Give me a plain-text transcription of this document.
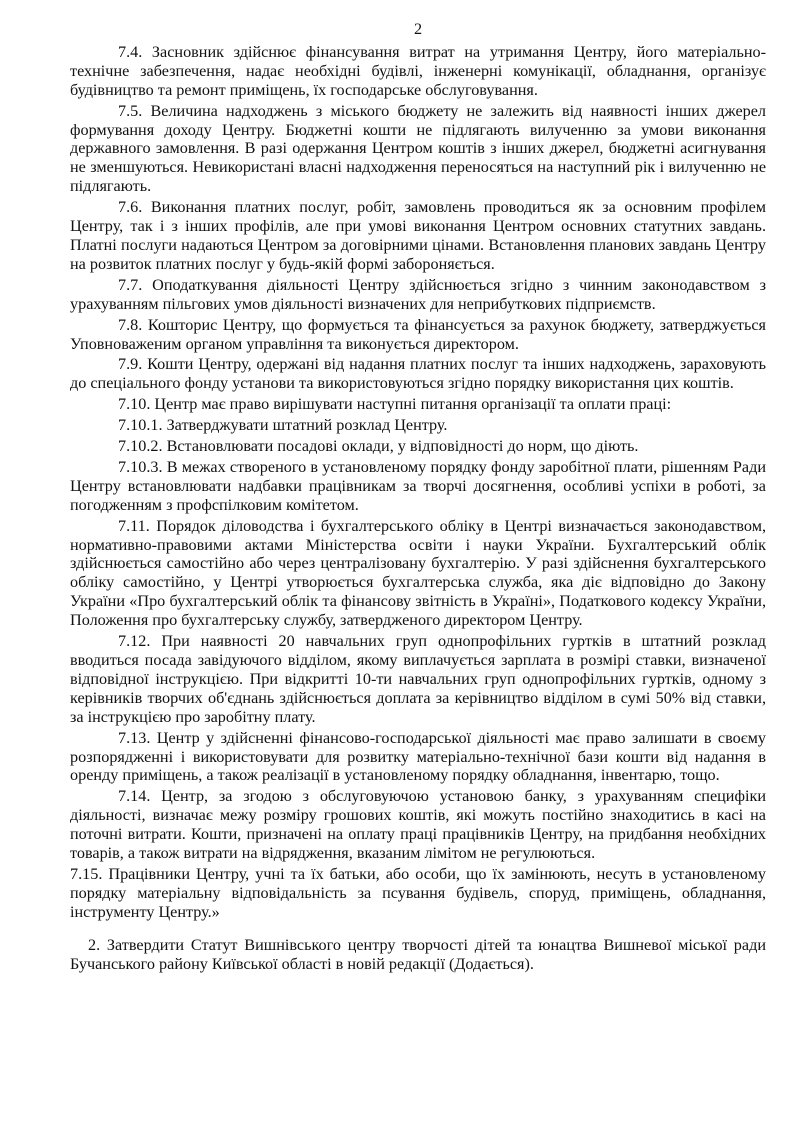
2

7.4. Засновник здійснює фінансування витрат на утримання Центру, його матеріально-технічне забезпечення, надає необхідні будівлі, інженерні комунікації, обладнання, організує будівництво та ремонт приміщень, їх господарське обслуговування.

7.5. Величина надходжень з міського бюджету не залежить від наявності інших джерел формування доходу Центру. Бюджетні кошти не підлягають вилученню за умови виконання державного замовлення. В разі одержання Центром коштів з інших джерел, бюджетні асигнування не зменшуються. Невикористані власні надходження переносяться на наступний рік і вилученню не підлягають.

7.6. Виконання платних послуг, робіт, замовлень проводиться як за основним профілем Центру, так і з інших профілів, але при умові виконання Центром основних статутних завдань. Платні послуги надаються Центром за договірними цінами. Встановлення планових завдань Центру на розвиток платних послуг у будь-якій формі забороняється.

7.7. Оподаткування діяльності Центру здійснюється згідно з чинним законодавством з урахуванням пільгових умов діяльності визначених для неприбуткових підприємств.

7.8. Кошторис Центру, що формується та фінансується за рахунок бюджету, затверджується Уповноваженим органом управління та виконується директором.

7.9. Кошти Центру, одержані від надання платних послуг та інших надходжень, зараховують до спеціального фонду установи та використовуються згідно порядку використання цих коштів.

7.10. Центр має право вирішувати наступні питання організації та оплати праці:

7.10.1. Затверджувати штатний розклад Центру.

7.10.2. Встановлювати посадові оклади, у відповідності до норм, що діють.

7.10.3. В межах створеного в установленому порядку фонду заробітної плати, рішенням Ради Центру встановлювати надбавки працівникам за творчі досягнення, особливі успіхи в роботі, за погодженням з профспілковим комітетом.

7.11. Порядок діловодства і бухгалтерського обліку в Центрі визначається законодавством, нормативно-правовими актами Міністерства освіти і науки України. Бухгалтерський облік здійснюється самостійно або через централізовану бухгалтерію. У разі здійснення бухгалтерського обліку самостійно, у Центрі утворюється бухгалтерська служба, яка діє відповідно до Закону України «Про бухгалтерський облік та фінансову звітність в Україні», Податкового кодексу України, Положення про бухгалтерську службу, затвердженого директором Центру.

7.12. При наявності 20 навчальних груп однопрофільних гуртків в штатний розклад вводиться посада завідуючого відділом, якому виплачується зарплата в розмірі ставки, визначеної відповідної інструкцією. При відкритті 10-ти навчальних груп однопрофільних гуртків, одному з керівників творчих об'єднань здійснюється доплата за керівництво відділом в сумі 50% від ставки, за інструкцією про заробітну плату.

7.13. Центр у здійсненні фінансово-господарської діяльності має право залишати в своєму розпорядженні і використовувати для розвитку матеріально-технічної бази кошти від надання в оренду приміщень, а також реалізації в установленому порядку обладнання, інвентарю, тощо.

7.14. Центр, за згодою з обслуговуючою установою банку, з урахуванням специфіки діяльності, визначає межу розміру грошових коштів, які можуть постійно знаходитись в касі на поточні витрати. Кошти, призначені на оплату праці працівників Центру, на придбання необхідних товарів, а також витрати на відрядження, вказаним лімітом не регулюються.

7.15. Працівники Центру, учні та їх батьки, або особи, що їх замінюють, несуть в установленому порядку матеріальну відповідальність за псування будівель, споруд, приміщень, обладнання, інструменту Центру.»

2. Затвердити Статут Вишнівського центру творчості дітей та юнацтва Вишневої міської ради Бучанського району Київської області в новій редакції (Додається).
